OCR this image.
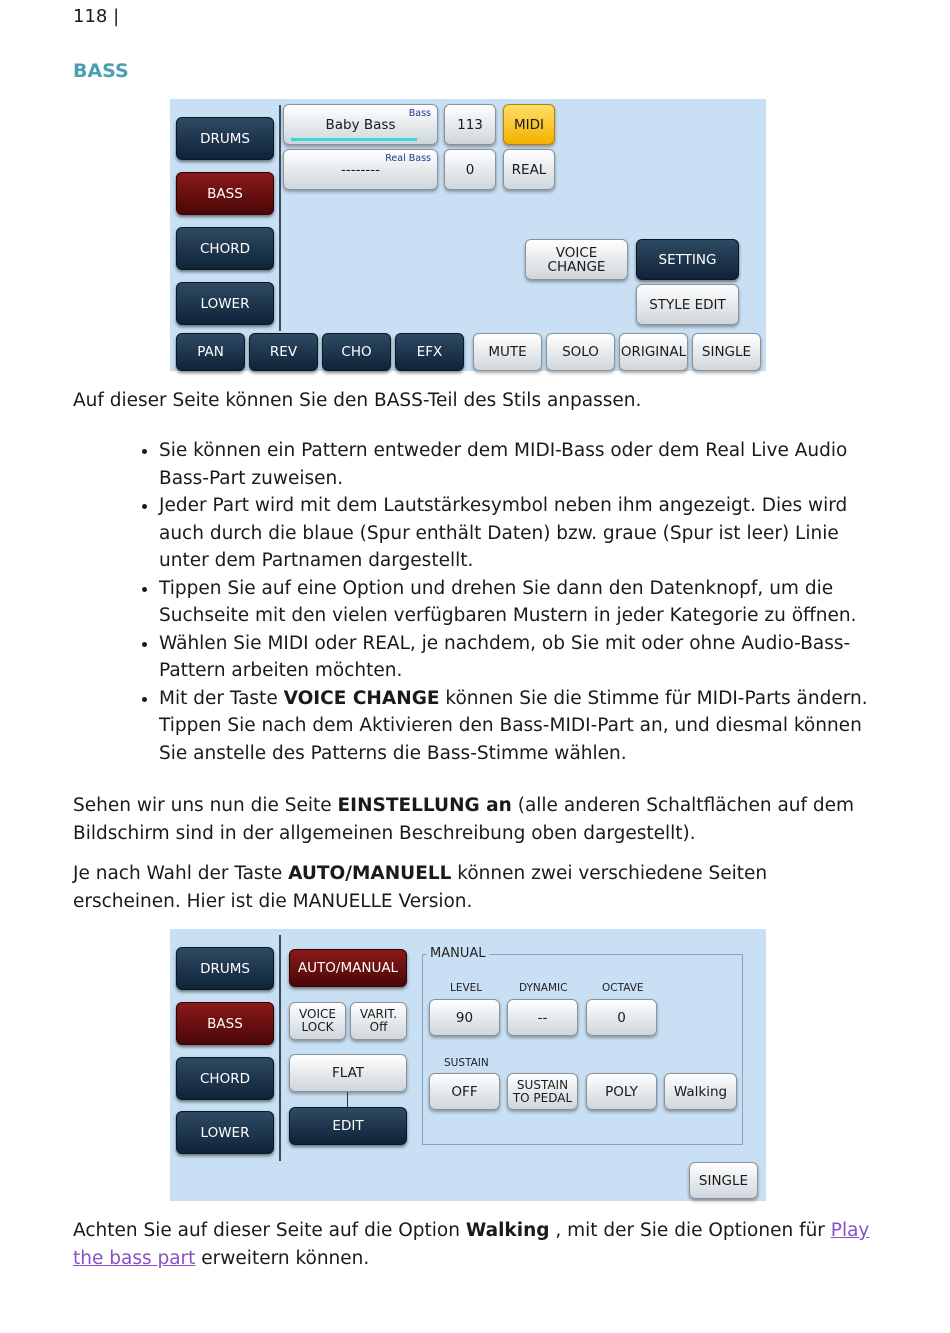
118 |
BASS
DRUMS
BASS
CHORD
LOWER
Bass
Baby Bass	113	MIDI
Real Bass
--------	0	REAL
VOICE CHANGE	SETTING
STYLE EDIT
PAN	REV	CHO	EFX	MUTE	SOLO	ORIGINAL	SINGLE
Auf dieser Seite können Sie den BASS-Teil des Stils anpassen.
• Sie können ein Pattern entweder dem MIDI-Bass oder dem Real Live Audio Bass-Part zuweisen.
• Jeder Part wird mit dem Lautstärkesymbol neben ihm angezeigt. Dies wird auch durch die blaue (Spur enthält Daten) bzw. graue (Spur ist leer) Linie unter dem Partnamen dargestellt.
• Tippen Sie auf eine Option und drehen Sie dann den Datenknopf, um die Suchseite mit den vielen verfügbaren Mustern in jeder Kategorie zu öffnen.
• Wählen Sie MIDI oder REAL, je nachdem, ob Sie mit oder ohne Audio-Bass-Pattern arbeiten möchten.
• Mit der Taste VOICE CHANGE können Sie die Stimme für MIDI-Parts ändern. Tippen Sie nach dem Aktivieren den Bass-MIDI-Part an, und diesmal können Sie anstelle des Patterns die Bass-Stimme wählen.
Sehen wir uns nun die Seite EINSTELLUNG an (alle anderen Schaltflächen auf dem Bildschirm sind in der allgemeinen Beschreibung oben dargestellt).
Je nach Wahl der Taste AUTO/MANUELL können zwei verschiedene Seiten erscheinen. Hier ist die MANUELLE Version.
DRUMS
BASS
CHORD
LOWER
AUTO/MANUAL
VOICE LOCK
VARIT. Off
FLAT
EDIT
MANUAL
LEVEL
90
DYNAMIC
--
OCTAVE
0
SUSTAIN
OFF	SUSTAIN TO PEDAL	POLY	Walking
SINGLE
Achten Sie auf dieser Seite auf die Option Walking , mit der Sie die Optionen für Play the bass part erweitern können.
